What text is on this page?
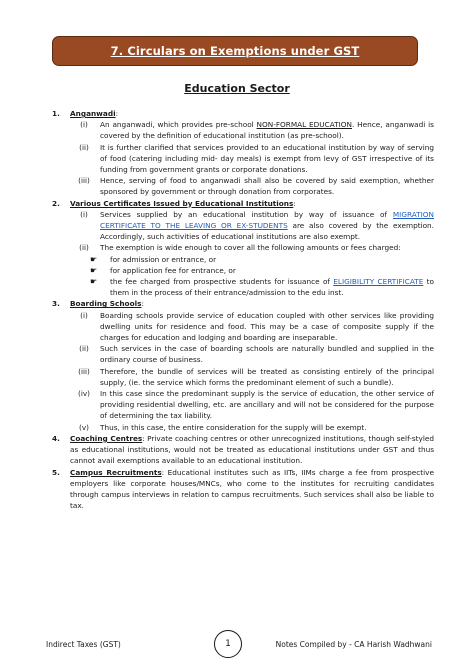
7. Circulars on Exemptions under GST
Education Sector
1. Anganwadi:
(i)	An anganwadi, which provides pre-school NON-FORMAL EDUCATION. Hence, anganwadi is covered by the definition of educational institution (as pre-school).
(ii)	It is further clarified that services provided to an educational institution by way of serving of food (catering including mid- day meals) is exempt from levy of GST irrespective of its funding from government grants or corporate donations.
(iii)	Hence, serving of food to anganwadi shall also be covered by said exemption, whether sponsored by government or through donation from corporates.
2. Various Certificates Issued by Educational Institutions:
(i)	Services supplied by an educational institution by way of issuance of MIGRATION CERTIFICATE TO THE LEAVING OR EX-STUDENTS are also covered by the exemption. Accordingly, such activities of educational institutions are also exempt.
(ii)	The exemption is wide enough to cover all the following amounts or fees charged:
☛ for admission or entrance, or
☛ for application fee for entrance, or
☛ the fee charged from prospective students for issuance of ELIGIBILITY CERTIFICATE to them in the process of their entrance/admission to the edu inst.
3. Boarding Schools:
(i)	Boarding schools provide service of education coupled with other services like providing dwelling units for residence and food. This may be a case of composite supply if the charges for education and lodging and boarding are inseparable.
(ii)	Such services in the case of boarding schools are naturally bundled and supplied in the ordinary course of business.
(iii)	Therefore, the bundle of services will be treated as consisting entirely of the principal supply, (ie. the service which forms the predominant element of such a bundle).
(iv)	In this case since the predominant supply is the service of education, the other service of providing residential dwelling, etc. are ancillary and will not be considered for the purpose of determining the tax liability.
(v)	Thus, in this case, the entire consideration for the supply will be exempt.
4. Coaching Centres: Private coaching centres or other unrecognized institutions, though self-styled as educational institutions, would not be treated as educational institutions under GST and thus cannot avail exemptions available to an educational institution.
5. Campus Recruitments: Educational institutes such as IITs, IIMs charge a fee from prospective employers like corporate houses/MNCs, who come to the institutes for recruiting candidates through campus interviews in relation to campus recruitments. Such services shall also be liable to tax.
Indirect Taxes (GST)	1	Notes Compiled by - CA Harish Wadhwani
